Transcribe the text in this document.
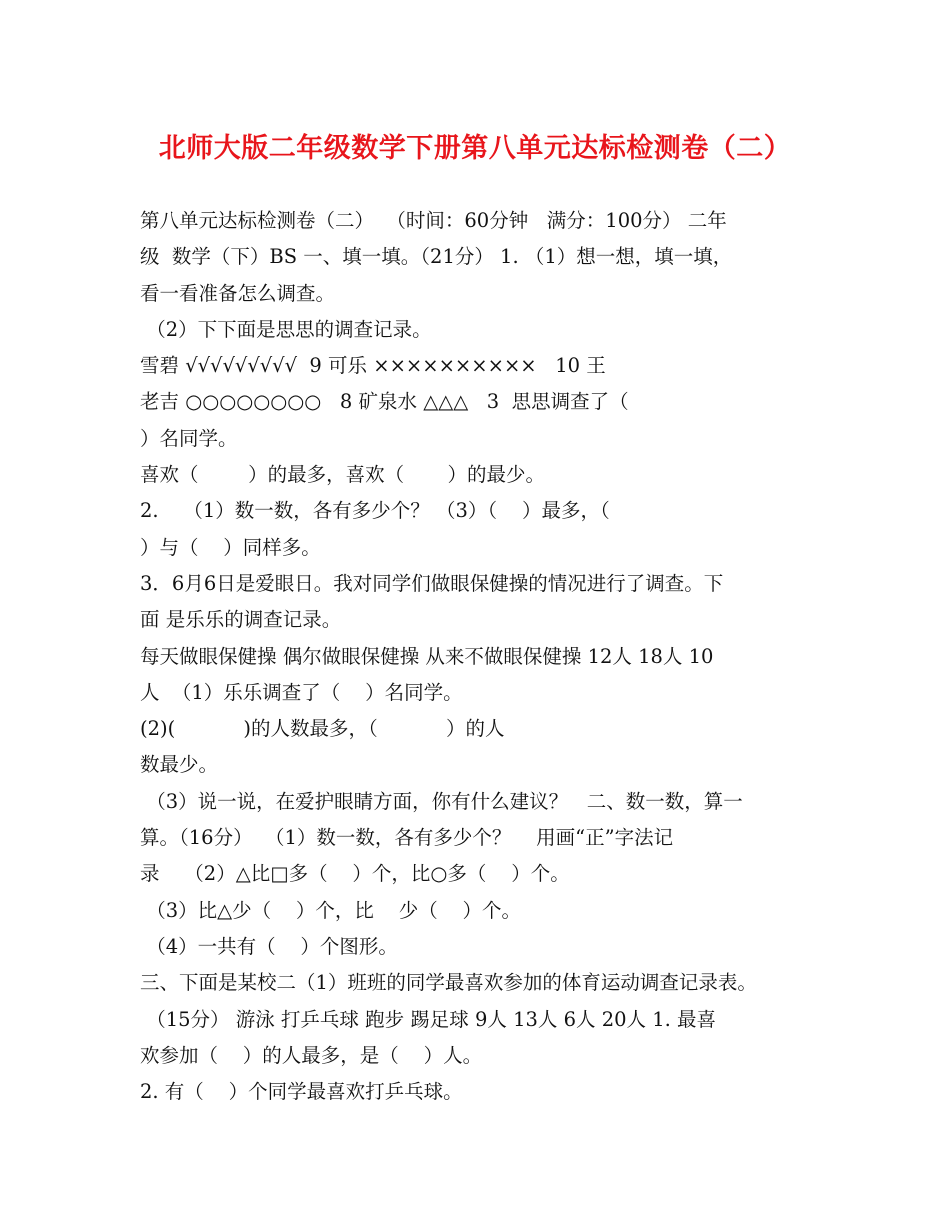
北师大版二年级数学下册第八单元达标检测卷（二）
第八单元达标检测卷（二）  （时间：60分钟   满分：100分） 二年
级  数学（下）BS 一、填一填。（21分） 1. （1）想一想，填一填，
看一看准备怎么调查。
（2）下下面是思思的调查记录。
雪碧 √√√√√√√√√  9 可乐 ××××××××××   10 王
老吉 ○○○○○○○○   8 矿泉水 △△△   3  思思调查了（
）名同学。
喜欢（        ）的最多，喜欢（       ）的最少。
2.    （1）数一数，各有多少个？ （3）（    ）最多，（
）与（    ）同样多。
3．6月6日是爱眼日。我对同学们做眼保健操的情况进行了调查。下
面 是乐乐的调查记录。
每天做眼保健操 偶尔做眼保健操 从来不做眼保健操 12人 18人 10
人  （1）乐乐调查了（    ）名同学。
(2)(           )的人数最多，（           ）的人
数最少。
（3）说一说，在爱护眼睛方面，你有什么建议？   二、数一数，算一
算。（16分）  （1）数一数，各有多少个？    用画“正”字法记
录    （2）△比□多（    ）个，比○多（    ）个。
（3）比△少（    ）个，比    少（    ）个。
（4）一共有（    ）个图形。
三、下面是某校二（1）班班的同学最喜欢参加的体育运动调查记录表。
（15分） 游泳 打乒乓球 跑步 踢足球 9人 13人 6人 20人 1. 最喜
欢参加（    ）的人最多，是（    ）人。
2. 有（    ）个同学最喜欢打乒乓球。
